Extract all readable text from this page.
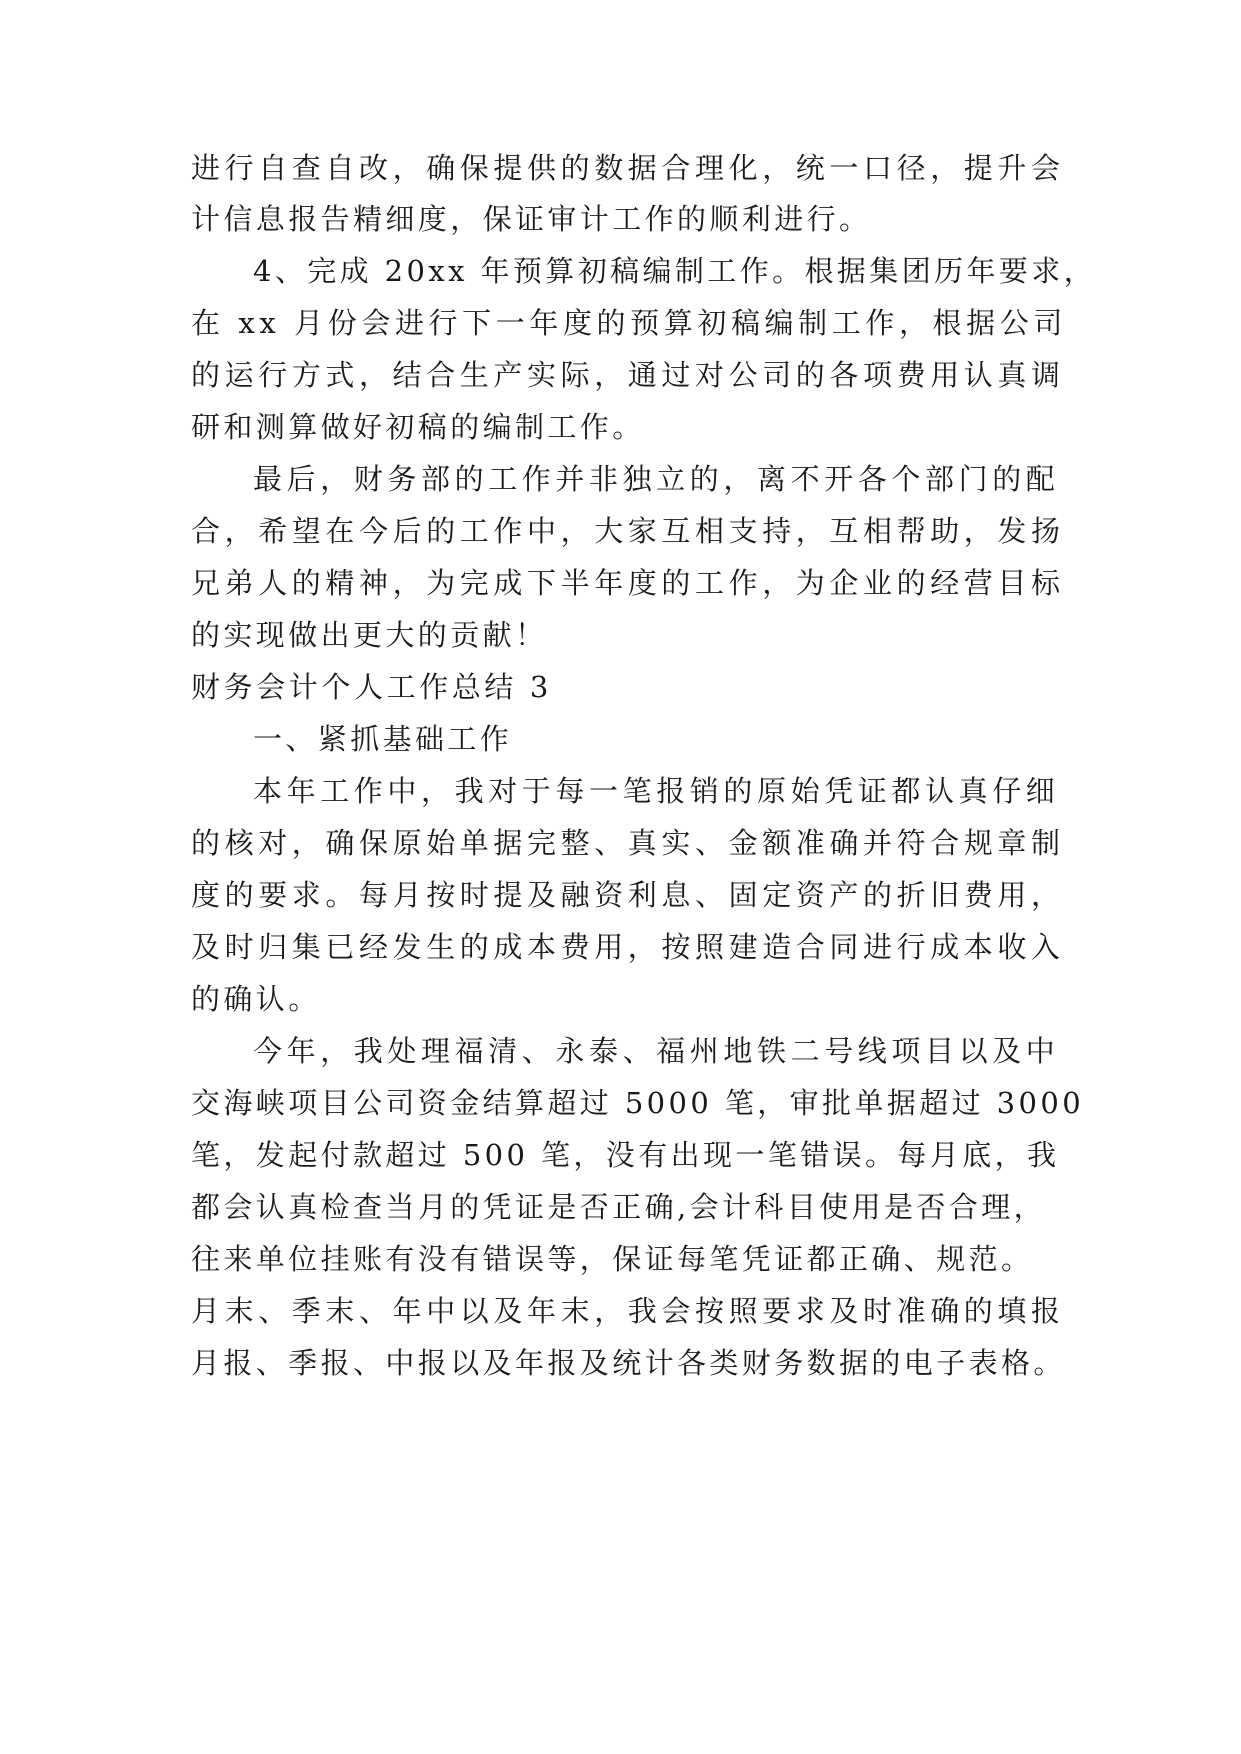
进行自查自改，确保提供的数据合理化，统一口径，提升会
计信息报告精细度，保证审计工作的顺利进行。
4、完成 20xx 年预算初稿编制工作。根据集团历年要求，
在 xx 月份会进行下一年度的预算初稿编制工作，根据公司
的运行方式，结合生产实际，通过对公司的各项费用认真调
研和测算做好初稿的编制工作。
最后，财务部的工作并非独立的，离不开各个部门的配
合，希望在今后的工作中，大家互相支持，互相帮助，发扬
兄弟人的精神，为完成下半年度的工作，为企业的经营目标
的实现做出更大的贡献！
财务会计个人工作总结 3
一、紧抓基础工作
本年工作中，我对于每一笔报销的原始凭证都认真仔细
的核对，确保原始单据完整、真实、金额准确并符合规章制
度的要求。每月按时提及融资利息、固定资产的折旧费用，
及时归集已经发生的成本费用，按照建造合同进行成本收入
的确认。
今年，我处理福清、永泰、福州地铁二号线项目以及中
交海峡项目公司资金结算超过 5000 笔，审批单据超过 3000
笔，发起付款超过 500 笔，没有出现一笔错误。每月底，我
都会认真检查当月的凭证是否正确,会计科目使用是否合理，
往来单位挂账有没有错误等，保证每笔凭证都正确、规范。
月末、季末、年中以及年末，我会按照要求及时准确的填报
月报、季报、中报以及年报及统计各类财务数据的电子表格。
